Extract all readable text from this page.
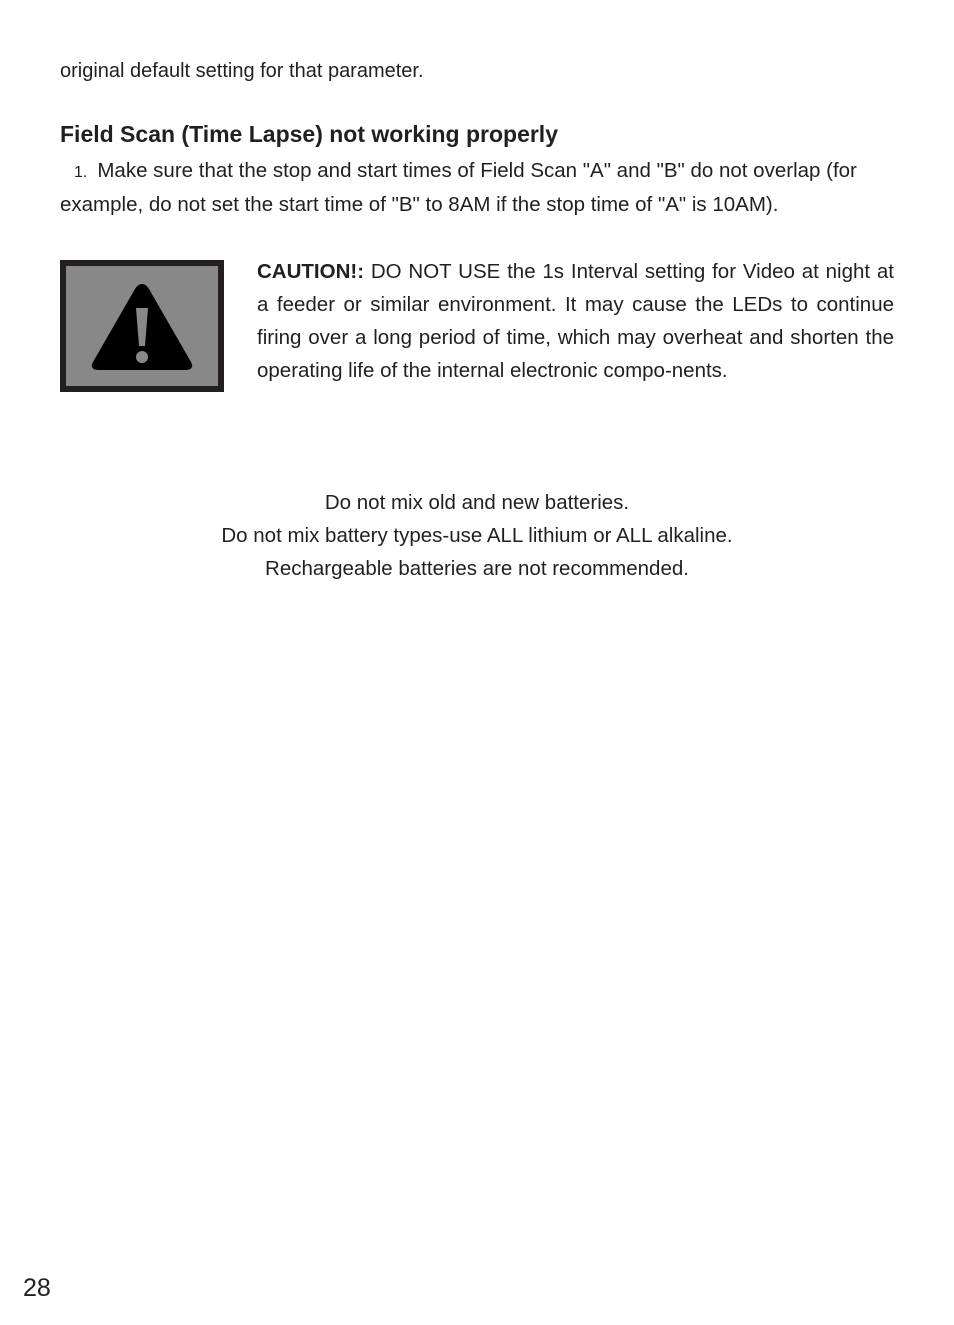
original default setting for that parameter.

Field Scan (Time Lapse) not working properly

1. Make sure that the stop and start times of Field Scan "A" and "B" do not overlap (for example, do not set the start time of "B" to 8AM if the stop time of "A" is 10AM).

CAUTION!: DO NOT USE the 1s Interval setting for Video at night at a feeder or similar environment. It may cause the LEDs to continue firing over a long period of time, which may overheat and shorten the operating life of the internal electronic compo-nents.

Do not mix old and new batteries.
Do not mix battery types-use ALL lithium or ALL alkaline.
Rechargeable batteries are not recommended.
28
